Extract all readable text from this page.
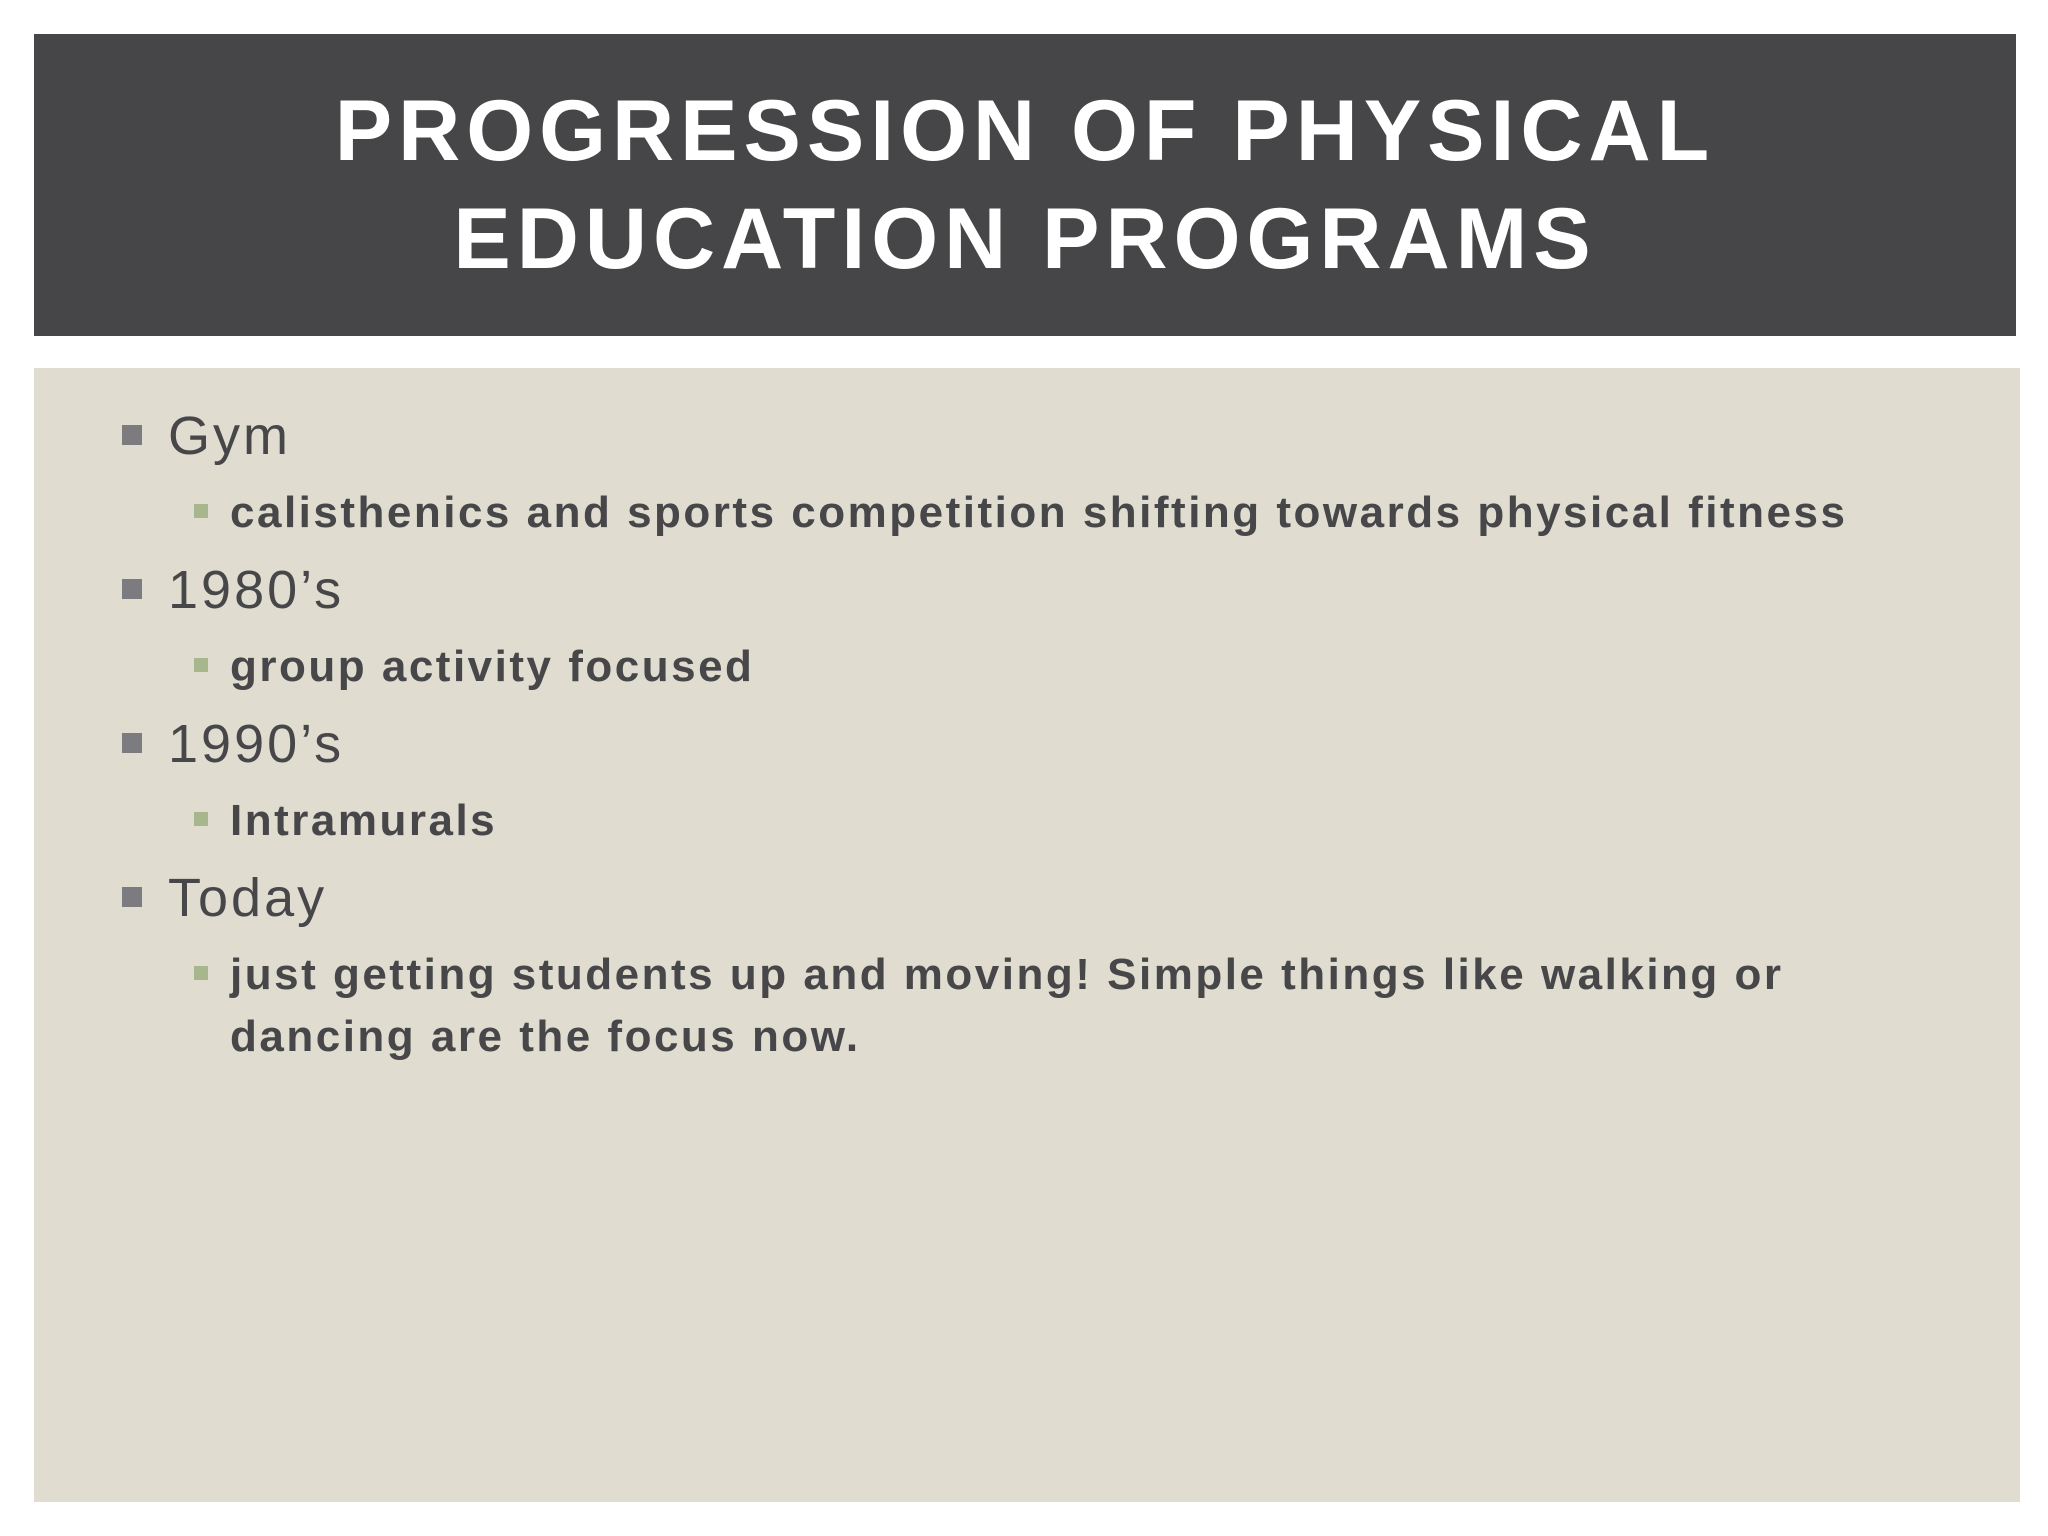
PROGRESSION OF PHYSICAL EDUCATION PROGRAMS
Gym
calisthenics and sports competition shifting towards physical fitness
1980’s
group activity focused
1990’s
Intramurals
Today
just getting students up and moving! Simple things like walking or dancing are the focus now.
